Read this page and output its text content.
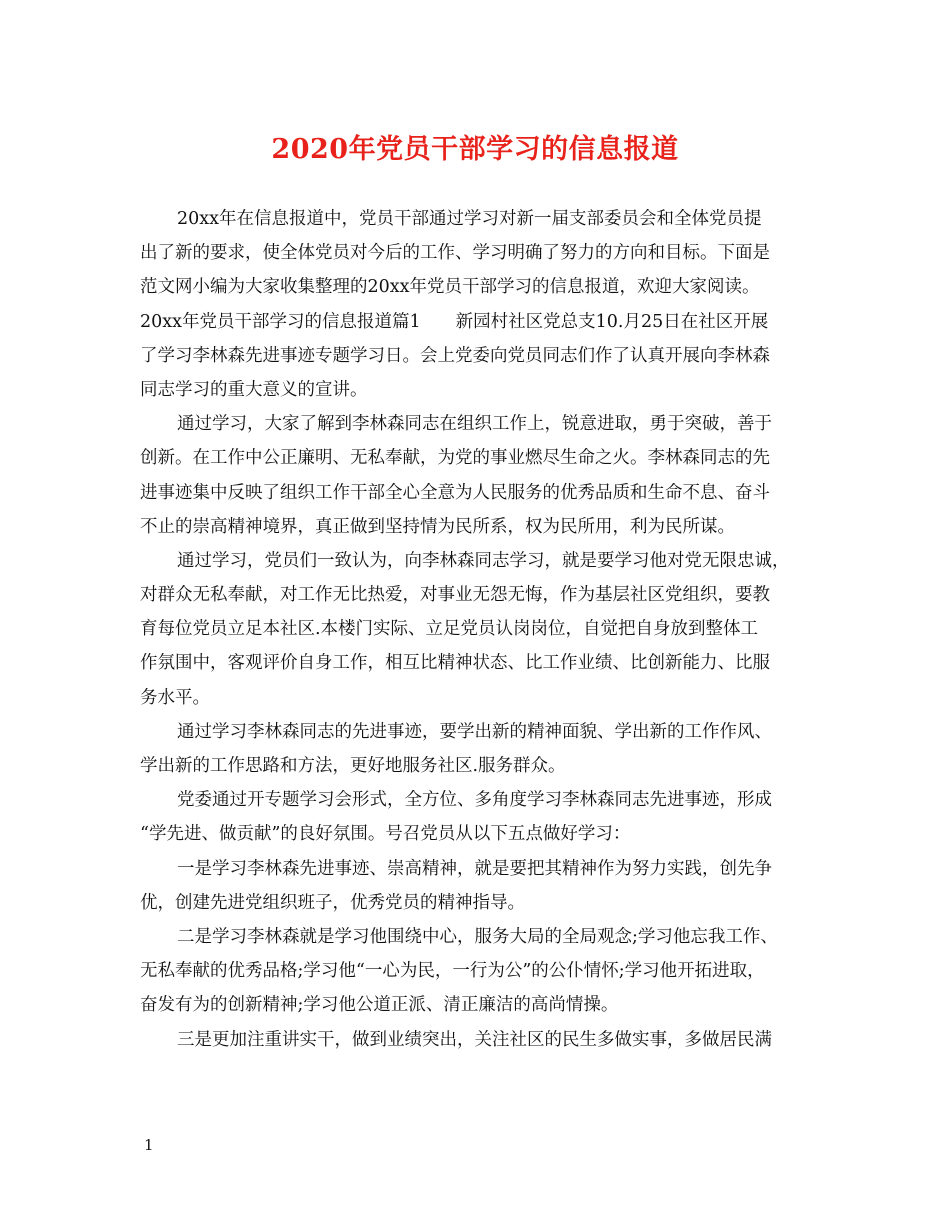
2020年党员干部学习的信息报道
20xx年在信息报道中，党员干部通过学习对新一届支部委员会和全体党员提
出了新的要求，使全体党员对今后的工作、学习明确了努力的方向和目标。下面是
范文网小编为大家收集整理的20xx年党员干部学习的信息报道，欢迎大家阅读。
20xx年党员干部学习的信息报道篇1　　新园村社区党总支10.月25日在社区开展
了学习李林森先进事迹专题学习日。会上党委向党员同志们作了认真开展向李林森
同志学习的重大意义的宣讲。
通过学习，大家了解到李林森同志在组织工作上，锐意进取，勇于突破，善于
创新。在工作中公正廉明、无私奉献，为党的事业燃尽生命之火。李林森同志的先
进事迹集中反映了组织工作干部全心全意为人民服务的优秀品质和生命不息、奋斗
不止的崇高精神境界，真正做到坚持情为民所系，权为民所用，利为民所谋。
通过学习，党员们一致认为，向李林森同志学习，就是要学习他对党无限忠诚，
对群众无私奉献，对工作无比热爱，对事业无怨无悔，作为基层社区党组织，要教
育每位党员立足本社区.本楼门实际、立足党员认岗岗位，自觉把自身放到整体工
作氛围中，客观评价自身工作，相互比精神状态、比工作业绩、比创新能力、比服
务水平。
通过学习李林森同志的先进事迹，要学出新的精神面貌、学出新的工作作风、
学出新的工作思路和方法，更好地服务社区.服务群众。
党委通过开专题学习会形式，全方位、多角度学习李林森同志先进事迹，形成
“学先进、做贡献”的良好氛围。号召党员从以下五点做好学习：
一是学习李林森先进事迹、崇高精神，就是要把其精神作为努力实践，创先争
优，创建先进党组织班子，优秀党员的精神指导。
二是学习李林森就是学习他围绕中心，服务大局的全局观念;学习他忘我工作、
无私奉献的优秀品格;学习他“一心为民，一行为公”的公仆情怀;学习他开拓进取，
奋发有为的创新精神;学习他公道正派、清正廉洁的高尚情操。
三是更加注重讲实干，做到业绩突出，关注社区的民生多做实事，多做居民满
1
